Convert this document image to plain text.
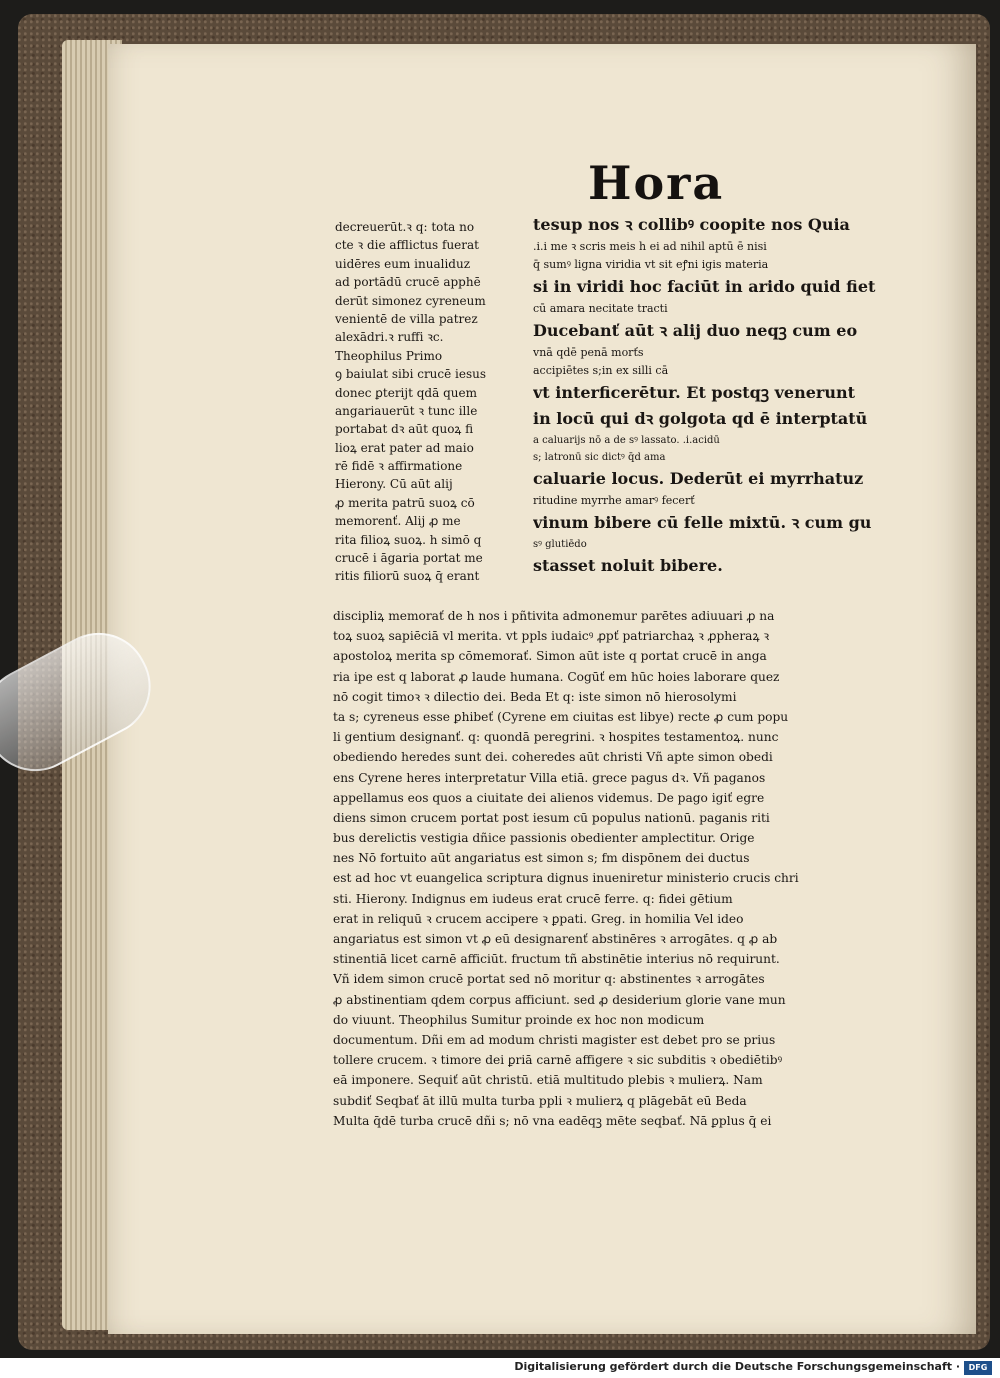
Hora
decreuerūt.ꝛ q: tota no
cte ꝛ die afflictus fuerat
uidēres eum inualiduz
ad portādū crucē apphē
derūt simonez cyreneum
venientē de villa patrez
alexādri.ꝛ ruffi ꝛc.
Theophilus Primo
ꝯ baiulat sibi crucē iesus
donec ꝑterijt qdā quem
angariauerūt ꝛ tunc ille
portabat dꝛ aūt quoꝝ fi
lioꝝ erat pater ad maio
rē fidē ꝛ affirmatione
Hierony. Cū aūt alij
ꝓ merita patrū suoꝝ cō
memorenť. Alij ꝓ me
rita filioꝝ suoꝝ. h simō q
crucē i āgaria portat me
ritis filiorū suoꝝ q̄ erant
tesup nos ꝛ collibꝰ coopite nos Quia
.i.i me ꝛ scris meis h ei ad nihil aptū ē nisi
q̄ sumꝰ ligna viridia vt sit eꝭni igis materia
si in viridi hoc faciūt in arido quid fiet
cū amara necitate tracti
Ducebanť aūt ꝛ alij duo neqꝫ cum eo
vnā qdē penā morťs
accipiētes s;in ex silli cā
vt interficerētur. Et postqꝫ venerunt
in locū qui dꝛ golgota qd ē interptatū
a caluarijs nō a de sꝰ lassato. .i.acidū
s; latronū sic dictꝰ q̄d ama
caluarie locus. Dederūt ei myrrhatuz
ritudine myrrhe amarꝰ fecerť
vinum bibere cū felle mixtū. ꝛ cum gu
sꝰ glutiēdo
stasset noluit bibere.
discipliꝝ memorať de h nos i pñtivita admonemur parētes adiuuari ꝓ na
toꝝ suoꝝ sapiēciā vl merita. vt ppls iudaicꝰ ꝓpť patriarchaꝝ ꝛ ꝓpheraꝝ ꝛ
apostoloꝝ merita sp cōmemorať. Simon aūt iste q portat crucē in anga
ria ipe est q laborat ꝓ laude humana. Cogūť em hūc hoies laborare quez
nō cogit timoꝛ ꝛ dilectio dei. Beda Et q: iste simon nō hierosolymi
ta s; cyreneus esse ꝑhibeť (Cyrene em ciuitas est libye) recte ꝓ cum popu
li gentium designanť. q: quondā peregrini. ꝛ hospites testamentoꝝ. nunc
obediendo heredes sunt dei. coheredes aūt christi Vñ apte simon obedi
ens Cyrene heres interpretatur Villa etiā. grece pagus dꝛ. Vñ paganos
appellamus eos quos a ciuitate dei alienos videmus. De pago igiť egre
diens simon crucem portat post iesum cū populus nationū. paganis riti
bus derelictis vestigia dñice passionis obedienter amplectitur. Orige
nes Nō fortuito aūt angariatus est simon s; fm dispōnem dei ductus
est ad hoc vt euangelica scriptura dignus inueniretur ministerio crucis chri
sti. Hierony. Indignus em iudeus erat crucē ferre. q: fidei gētium
erat in reliquū ꝛ crucem accipere ꝛ ꝑpati. Greg. in homilia Vel ideo
angariatus est simon vt ꝓ eū designarenť abstinēres ꝛ arrogātes. q ꝓ ab
stinentiā licet carnē afficiūt. fructum tñ abstinētie interius nō requirunt.
Vñ idem simon crucē portat sed nō moritur q: abstinentes ꝛ arrogātes
ꝓ abstinentiam qdem corpus afficiunt. sed ꝓ desiderium glorie vane mun
do viuunt. Theophilus Sumitur proinde ex hoc non modicum
documentum. Dñi em ad modum christi magister est debet pro se prius
tollere crucem. ꝛ timore dei ꝑriā carnē affigere ꝛ sic subditis ꝛ obediētibꝰ
eā imponere. Sequiť aūt christū. etiā multitudo plebis ꝛ mulierꝝ. Nam
subdiť Seqbať āt illū multa turba ppli ꝛ mulierꝝ q plāgebāt eū Beda
Multa q̄dē turba crucē dñi s; nō vna eadēqꝫ mēte seqbať. Nā ꝑplus q̄ ei
Digitalisierung gefördert durch die Deutsche Forschungsgemeinschaft ·	DFG
